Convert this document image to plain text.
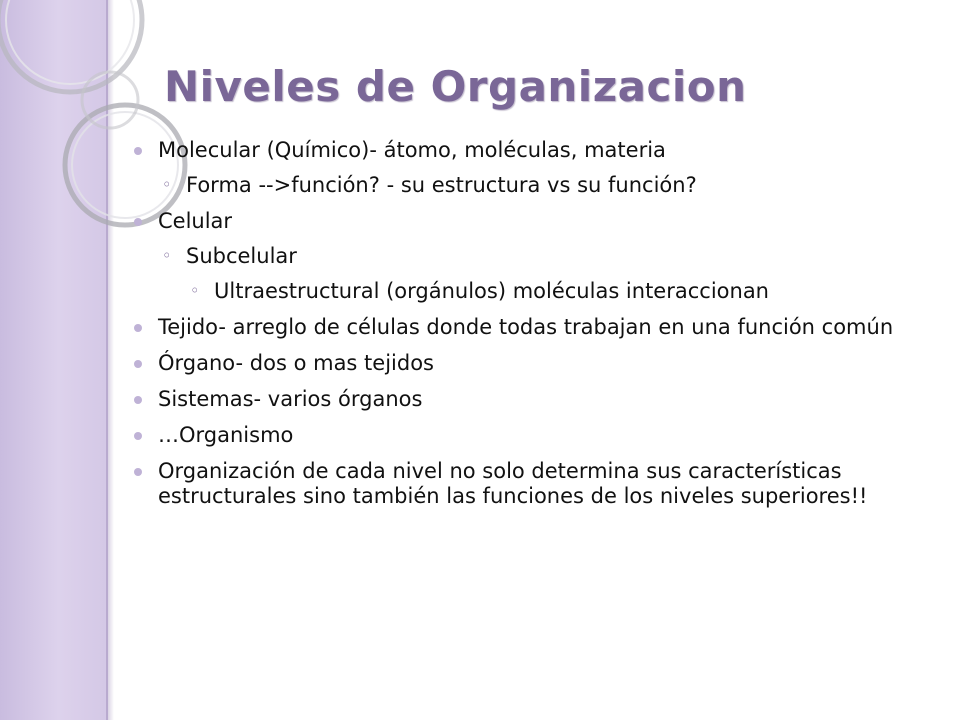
Niveles de Organizacion
Molecular (Químico)- átomo, moléculas, materia
◦ Forma -->función? - su estructura vs su función?
Celular
◦ Subcelular
◦ Ultraestructural (orgánulos) moléculas interaccionan
Tejido- arreglo de células donde todas trabajan en una función común
Órgano- dos o mas tejidos
Sistemas- varios órganos
…Organismo
Organización de cada nivel no solo determina sus características estructurales sino también las funciones de los niveles superiores!!
